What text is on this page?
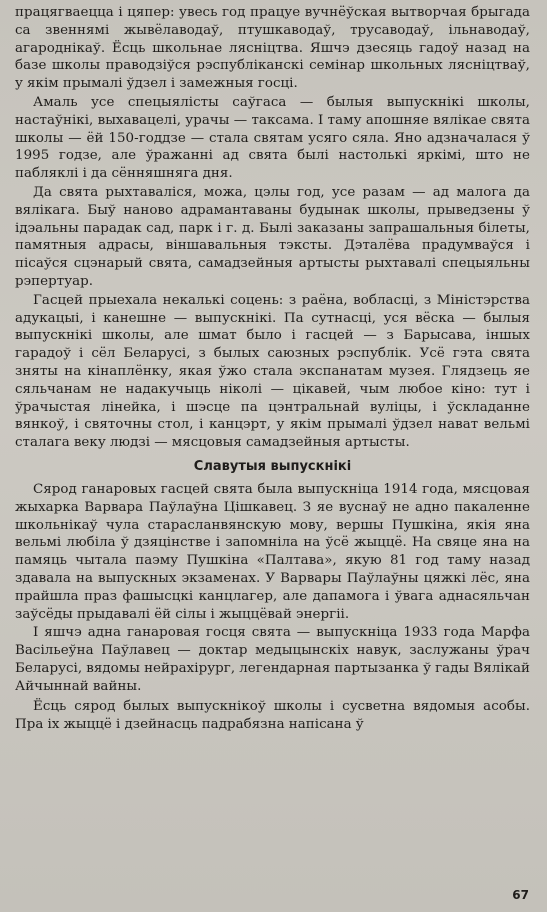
працягваецца і цяпер: увесь год працуе вучнёўская вытворчая брыгада са звеннямі жывёлаводаў, птушкаводаў, трусаводаў, ільнаводаў, агароднікаў. Ёсць школьнае лясніцтва. Яшчэ дзесяць гадоў назад на базе школы праводзіўся рэспубліканскі семінар школьных лясніцтваў, у якім прымалі ўдзел і замежныя госці.

Амаль усе спецыялісты саўгаса — былыя выпускнікі школы, настаўнікі, выхавацелі, урачы — таксама. І таму апошняе вялікае свята школы — ёй 150-годдзе — стала святам усяго сяла. Яно адзначалася ў 1995 годзе, але ўражанні ад свята былі настолькі яркімі, што не пабляклі і да сённяшняга дня.

Да свята рыхтаваліся, можа, цэлы год, усе разам — ад малога да вялікага. Быў наново адрамантаваны будынак школы, прыведзены ў ідэальны парадак сад, парк і г. д. Былі заказаны запрашальныя білеты, памятныя адрасы, віншавальныя тэксты. Дэталёва прадумваўся і пісаўся сцэнарый свята, самадзейныя артысты рыхтавалі спецыяльны рэпертуар.

Гасцей прыехала некалькі соцень: з раёна, вобласці, з Міністэрства адукацыі, і канешне — выпускнікі. Па сутнасці, уся вёска — былыя выпускнікі школы, але шмат было і гасцей — з Барысава, іншых гарадоў і сёл Беларусі, з былых саюзных рэспублік. Усё гэта свята зняты на кінаплёнку, якая ўжо стала экспанатам музея. Глядзець яе сяльчанам не надакучыць ніколі — цікавей, чым любое кіно: тут і ўрачыстая лінейка, і шэсце па цэнтральнай вуліцы, і ўскладанне вянкоў, і святочны стол, і канцэрт, у якім прымалі ўдзел нават вельмі сталага веку людзі — мясцовыя самадзейныя артысты.

Славутыя выпускнікі

Сярод ганаровых гасцей свята была выпускніца 1914 года, мясцовая жыхарка Варвара Паўлаўна Цішкавец. З яе вуснаў не адно пакаленне школьнікаў чула старасланвянскую мову, вершы Пушкіна, якія яна вельмі любіла ў дзяцінстве і запомніла на ўсё жыццё. На свяце яна на памяць чытала паэму Пушкіна «Палтава», якую 81 год таму назад здавала на выпускных экзаменах. У Варвары Паўлаўны цяжкі лёс, яна прайшла праз фашысцкі канцлагер, але дапамога і ўвага аднасяльчан заўсёды прыдавалі ёй сілы і жыццёвай энергіі.

І яшчэ адна ганаровая госця свята — выпускніца 1933 года Марфа Васільеўна Паўлавец — доктар медыцынскіх навук, заслужаны ўрач Беларусі, вядомы нейрахірург, легендарная партызанка ў гады Вялікай Айчыннай вайны.

Ёсць сярод былых выпускнікоў школы і сусветна вядомыя асобы. Пра іх жыццё і дзейнасць падрабязна напісана ў

67
